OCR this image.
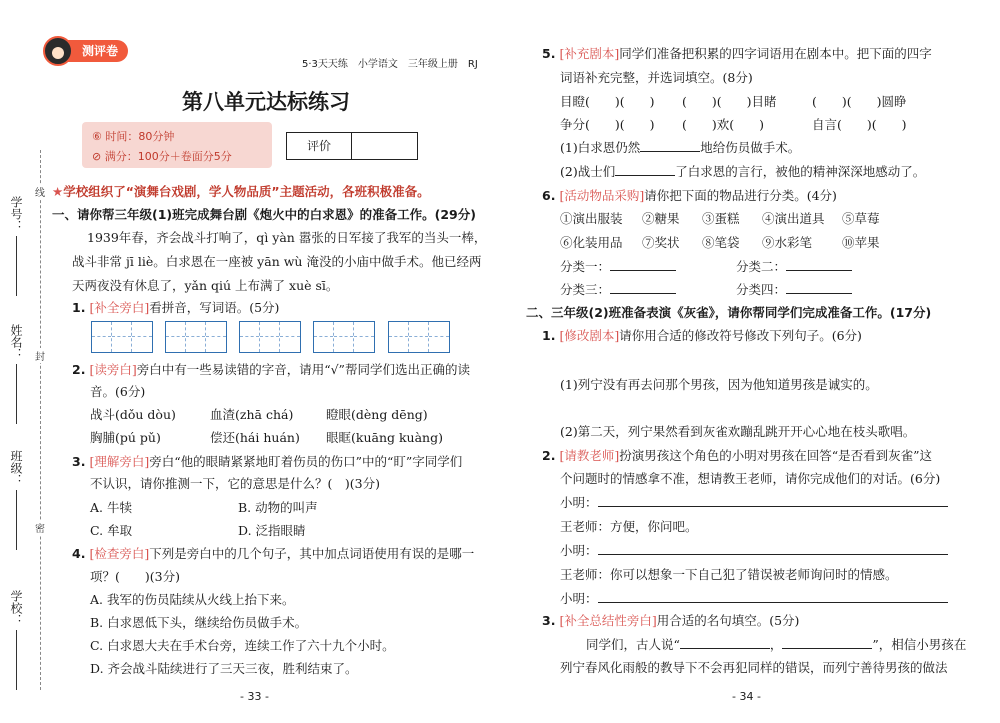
学号：
姓名：
班级：
学校：
线
封
密
测评卷
5·3天天练　小学语文　三年级上册　RJ
第八单元达标练习
⑥ 时间：80分钟
⊘ 满分：100分＋卷面分5分
评价
★学校组织了“演舞台戏剧，学人物品质”主题活动，各班积极准备。
一、请你帮三年级(1)班完成舞台剧《炮火中的白求恩》的准备工作。(29分)
1939年春，齐会战斗打响了，qì yàn 嚣张的日军接了我军的当头一棒，
战斗非常 jī liè。白求恩在一座被 yān wù 淹没的小庙中做手术。他已经两
天两夜没有休息了，yǎn qiú 上布满了 xuè sī。
1. [补全旁白]看拼音，写词语。(5分)
2. [读旁白]旁白中有一些易读错的字音，请用“√”帮同学们选出正确的读
音。(6分)
战斗(dǒu dòu)	血渣(zhā chá)	瞪眼(dèng dēng)
胸脯(pú pǔ)	偿还(hái huán) 眼眶(kuāng kuàng)
3. [理解旁白]旁白“他的眼睛紧紧地盯着伤员的伤口”中的“盯”字同学们
不认识，请你推测一下，它的意思是什么？(　)(3分)
A. 牛犊	B. 动物的叫声
C. 牟取	D. 泛指眼睛
4. [检查旁白]下列是旁白中的几个句子，其中加点词语使用有误的是哪一
项？(　　)(3分)
A. 我军的伤员陆续从火线上抬下来。
B. 白求恩低下头，继续给伤员做手术。
C. 白求恩大夫在手术台旁，连续工作了六十九个小时。
D. 齐会战斗陆续进行了三天三夜，胜利结束了。
- 33 -
5. [补充剧本]同学们准备把积累的四字词语用在剧本中。把下面的四字
词语补充完整，并选词填空。(8分)
目瞪(　　)(　　) (　　)(　　)目睹	(　　)(　　)圆睁
争分(　　)(　　) (　　)欢(　　)	自言(　　)(　　)
(1)白求恩仍然	地给伤员做手术。
(2)战士们	了白求恩的言行，被他的精神深深地感动了。
6. [活动物品采购]请你把下面的物品进行分类。(4分)
①演出服装 ②糖果 ③蛋糕 ④演出道具 ⑤草莓
⑥化装用品 ⑦奖状 ⑧笔袋 ⑨水彩笔 ⑩苹果
分类一：	分类二：
分类三：	分类四：
二、三年级(2)班准备表演《灰雀》，请你帮同学们完成准备工作。(17分)
1. [修改剧本]请你用合适的修改符号修改下列句子。(6分)
(1)列宁没有再去问那个男孩，因为他知道男孩是诚实的。
(2)第二天，列宁果然看到灰雀欢蹦乱跳开开心心地在枝头歌唱。
2. [请教老师]扮演男孩这个角色的小明对男孩在回答“是否看到灰雀”这
个问题时的情感拿不准，想请教王老师，请你完成他们的对话。(6分)
小明：
王老师：方便，你问吧。
小明：
王老师：你可以想象一下自己犯了错误被老师询问时的情感。
小明：
3. [补全总结性旁白]用合适的名句填空。(5分)
同学们，古人说“	，	”，相信小男孩在
列宁春风化雨般的教导下不会再犯同样的错误，而列宁善待男孩的做法
- 34 -
